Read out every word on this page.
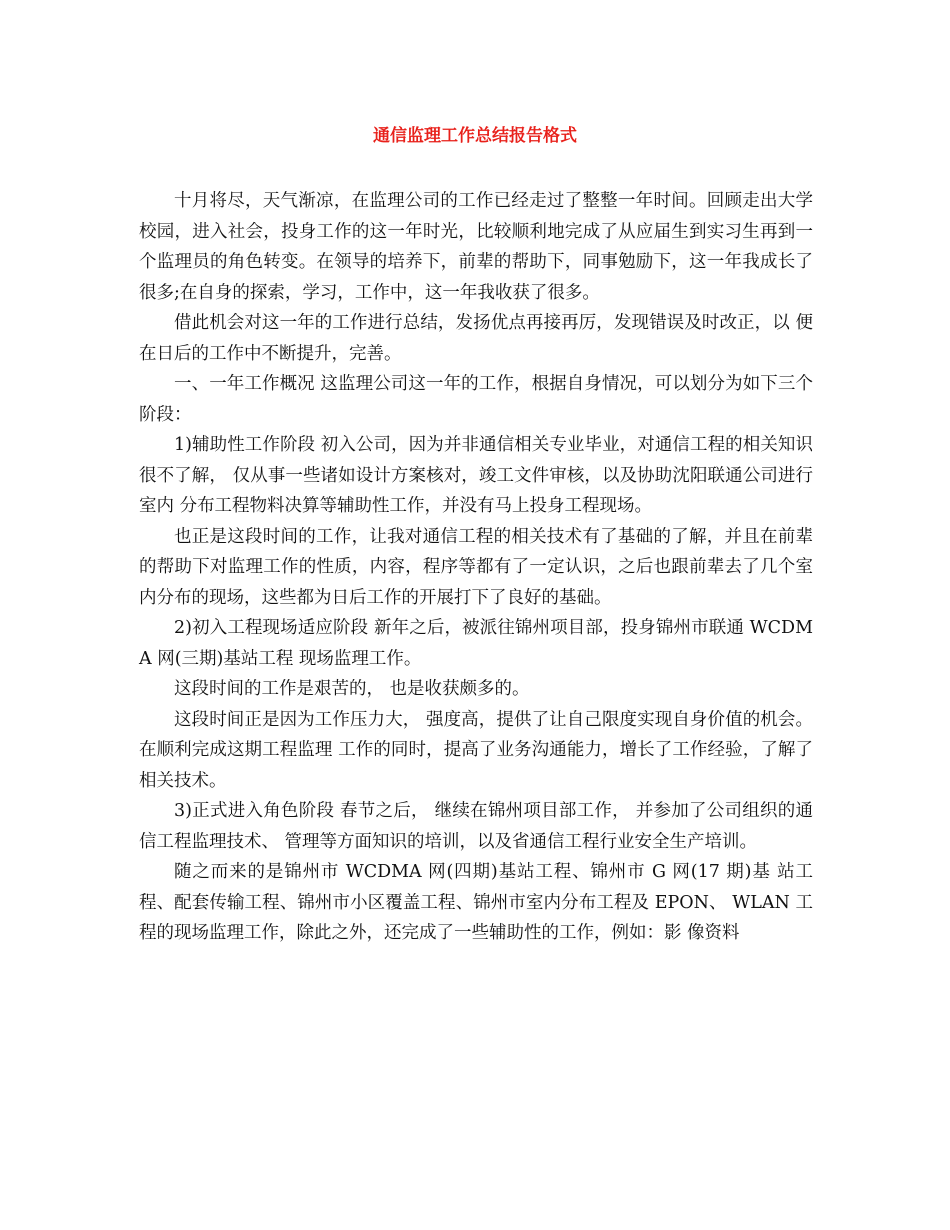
通信监理工作总结报告格式

十月将尽，天气渐凉，在监理公司的工作已经走过了整整一年时间。回顾走出大学校园，进入社会，投身工作的这一年时光，比较顺利地完成了从应届生到实习生再到一个监理员的角色转变。在领导的培养下，前辈的帮助下，同事勉励下，这一年我成长了很多;在自身的探索，学习，工作中，这一年我收获了很多。

借此机会对这一年的工作进行总结，发扬优点再接再厉，发现错误及时改正，以 便在日后的工作中不断提升，完善。

一、一年工作概况 这监理公司这一年的工作，根据自身情况，可以划分为如下三个阶段：

1)辅助性工作阶段 初入公司，因为并非通信相关专业毕业，对通信工程的相关知识很不了解， 仅从事一些诸如设计方案核对，竣工文件审核，以及协助沈阳联通公司进行室内 分布工程物料决算等辅助性工作，并没有马上投身工程现场。

也正是这段时间的工作，让我对通信工程的相关技术有了基础的了解，并且在前辈的帮助下对监理工作的性质，内容，程序等都有了一定认识，之后也跟前辈去了几个室内分布的现场，这些都为日后工作的开展打下了良好的基础。

2)初入工程现场适应阶段 新年之后，被派往锦州项目部，投身锦州市联通 WCDMA 网(三期)基站工程 现场监理工作。

这段时间的工作是艰苦的， 也是收获颇多的。

这段时间正是因为工作压力大， 强度高，提供了让自己限度实现自身价值的机会。在顺利完成这期工程监理 工作的同时，提高了业务沟通能力，增长了工作经验，了解了相关技术。

3)正式进入角色阶段 春节之后， 继续在锦州项目部工作， 并参加了公司组织的通信工程监理技术、 管理等方面知识的培训，以及省通信工程行业安全生产培训。

随之而来的是锦州市 WCDMA 网(四期)基站工程、锦州市 G 网(17 期)基 站工程、配套传输工程、锦州市小区覆盖工程、锦州市室内分布工程及 EPON、 WLAN 工程的现场监理工作，除此之外，还完成了一些辅助性的工作，例如：影 像资料
